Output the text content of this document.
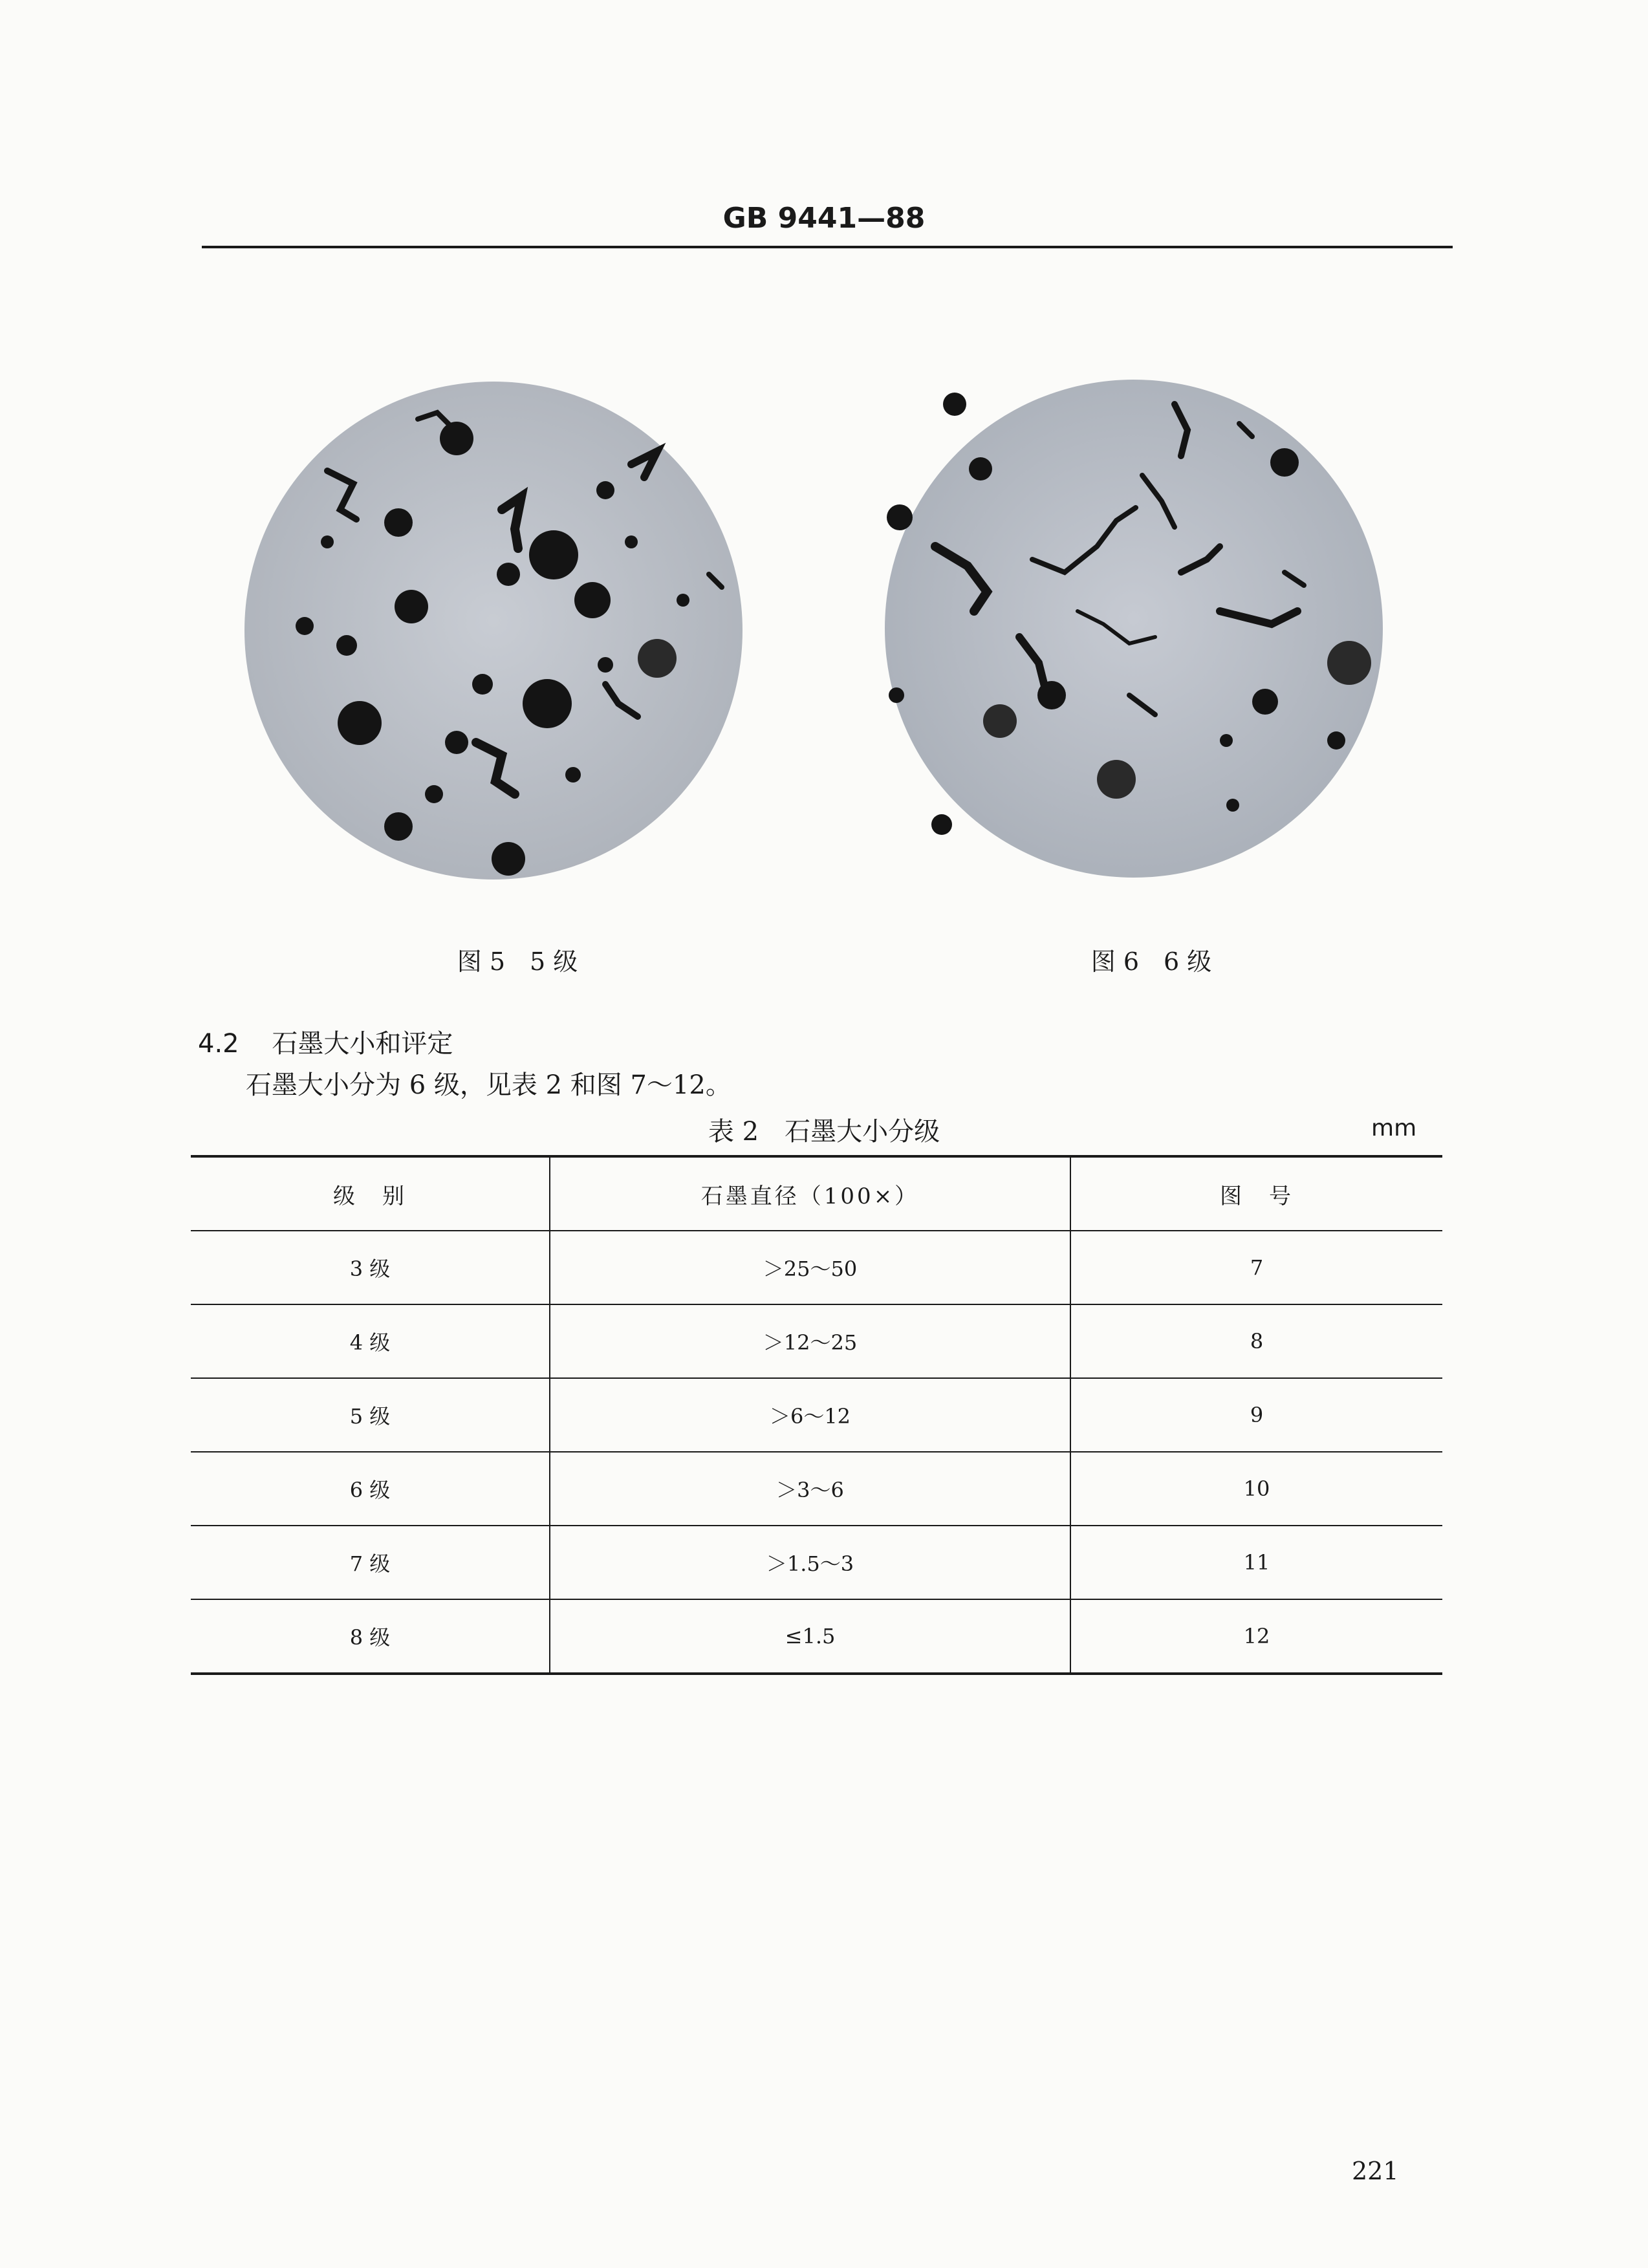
GB 9441—88
图 5　5 级	图 6　6 级
4.2 石墨大小和评定
石墨大小分为 6 级，见表 2 和图 7～12。
表 2　石墨大小分级	mm
级　别	石墨直径（100×）	图　号
3 级	＞25～50	7
4 级	＞12～25	8
5 级	＞6～12	9
6 级	＞3～6	10
7 级	＞1.5～3	11
8 级	≤1.5	12
221
